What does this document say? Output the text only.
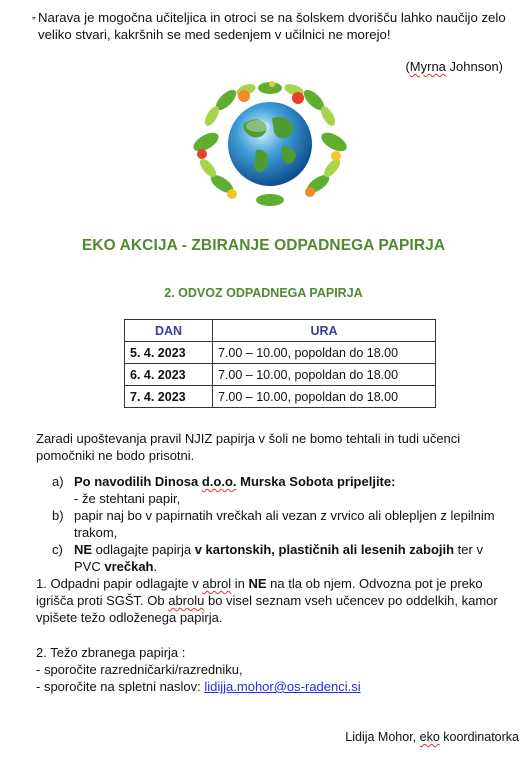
„ Narava je mogočna učiteljica in otroci se na šolskem dvorišču lahko naučijo zelo veliko stvari, kakršnih se med sedenjem v učilnici ne morejo!
(Myrna Johnson)
EKO AKCIJA - ZBIRANJE ODPADNEGA PAPIRJA
2. ODVOZ ODPADNEGA PAPIRJA
DAN	URA
5. 4. 2023	7.00 – 10.00, popoldan do 18.00
6. 4. 2023	7.00 – 10.00, popoldan do 18.00
7. 4. 2023	7.00 – 10.00, popoldan do 18.00
Zaradi upoštevanja pravil NJIZ papirja v šoli ne bomo tehtali in tudi učenci pomočniki ne bodo prisotni.
a) Po navodilih Dinosa d.o.o. Murska Sobota pripeljite:
- že stehtani papir,
b) papir naj bo v papirnatih vrečkah ali vezan z vrvico ali oblepljen z lepilnim trakom,
c) NE odlagajte papirja v kartonskih, plastičnih ali lesenih zabojih ter v PVC vrečkah.
1. Odpadni papir odlagajte v abrol in NE na tla ob njem. Odvozna pot je preko igrišča proti SGŠT. Ob abrolu bo visel seznam vseh učencev po oddelkih, kamor vpišete težo odloženega papirja.
2. Težo zbranega papirja :
- sporočite razredničarki/razredniku,
- sporočite na spletni naslov: lidijja.mohor@os-radenci.si
Lidija Mohor, eko koordinatorka
